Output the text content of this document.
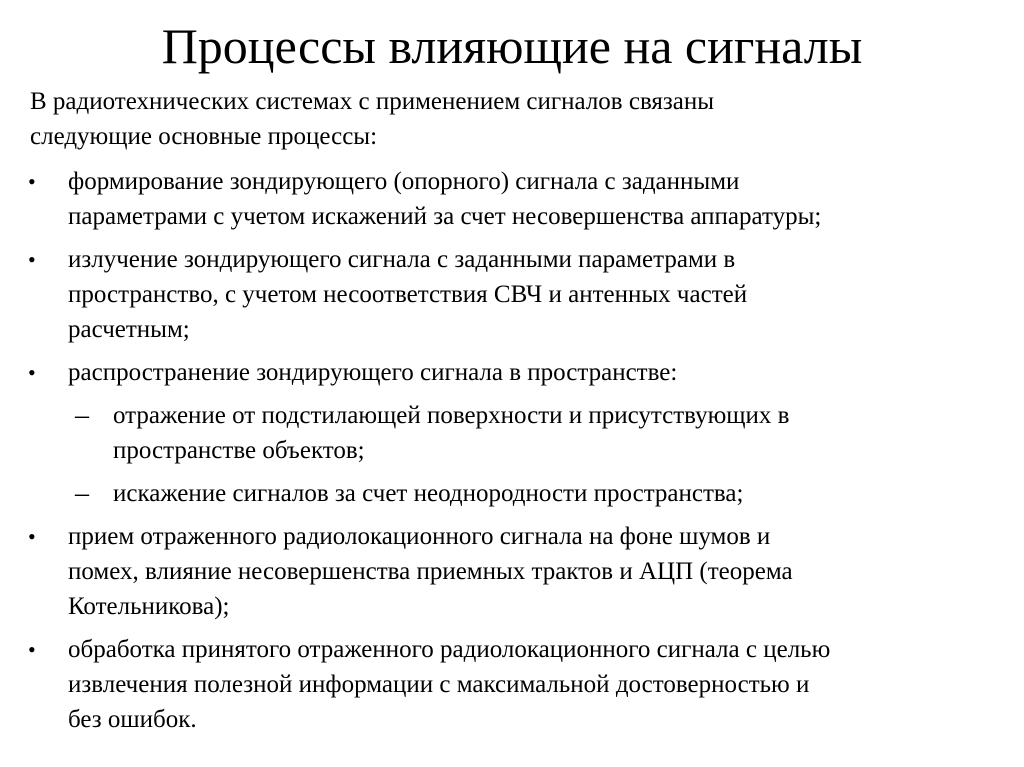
Процессы влияющие на сигналы
В радиотехнических системах с применением сигналов связаны
следующие основные процессы:
• формирование зондирующего (опорного) сигнала с заданными
параметрами с учетом искажений за счет несовершенства аппаратуры;
• излучение зондирующего сигнала с заданными параметрами в
пространство, с учетом несоответствия СВЧ и антенных частей
расчетным;
• распространение зондирующего сигнала в пространстве:
– отражение от подстилающей поверхности и присутствующих в
пространстве объектов;
– искажение сигналов за счет неоднородности пространства;
• прием отраженного радиолокационного сигнала на фоне шумов и
помех, влияние несовершенства приемных трактов и АЦП (теорема
Котельникова);
• обработка принятого отраженного радиолокационного сигнала с целью
извлечения полезной информации с максимальной достоверностью и
без ошибок.
